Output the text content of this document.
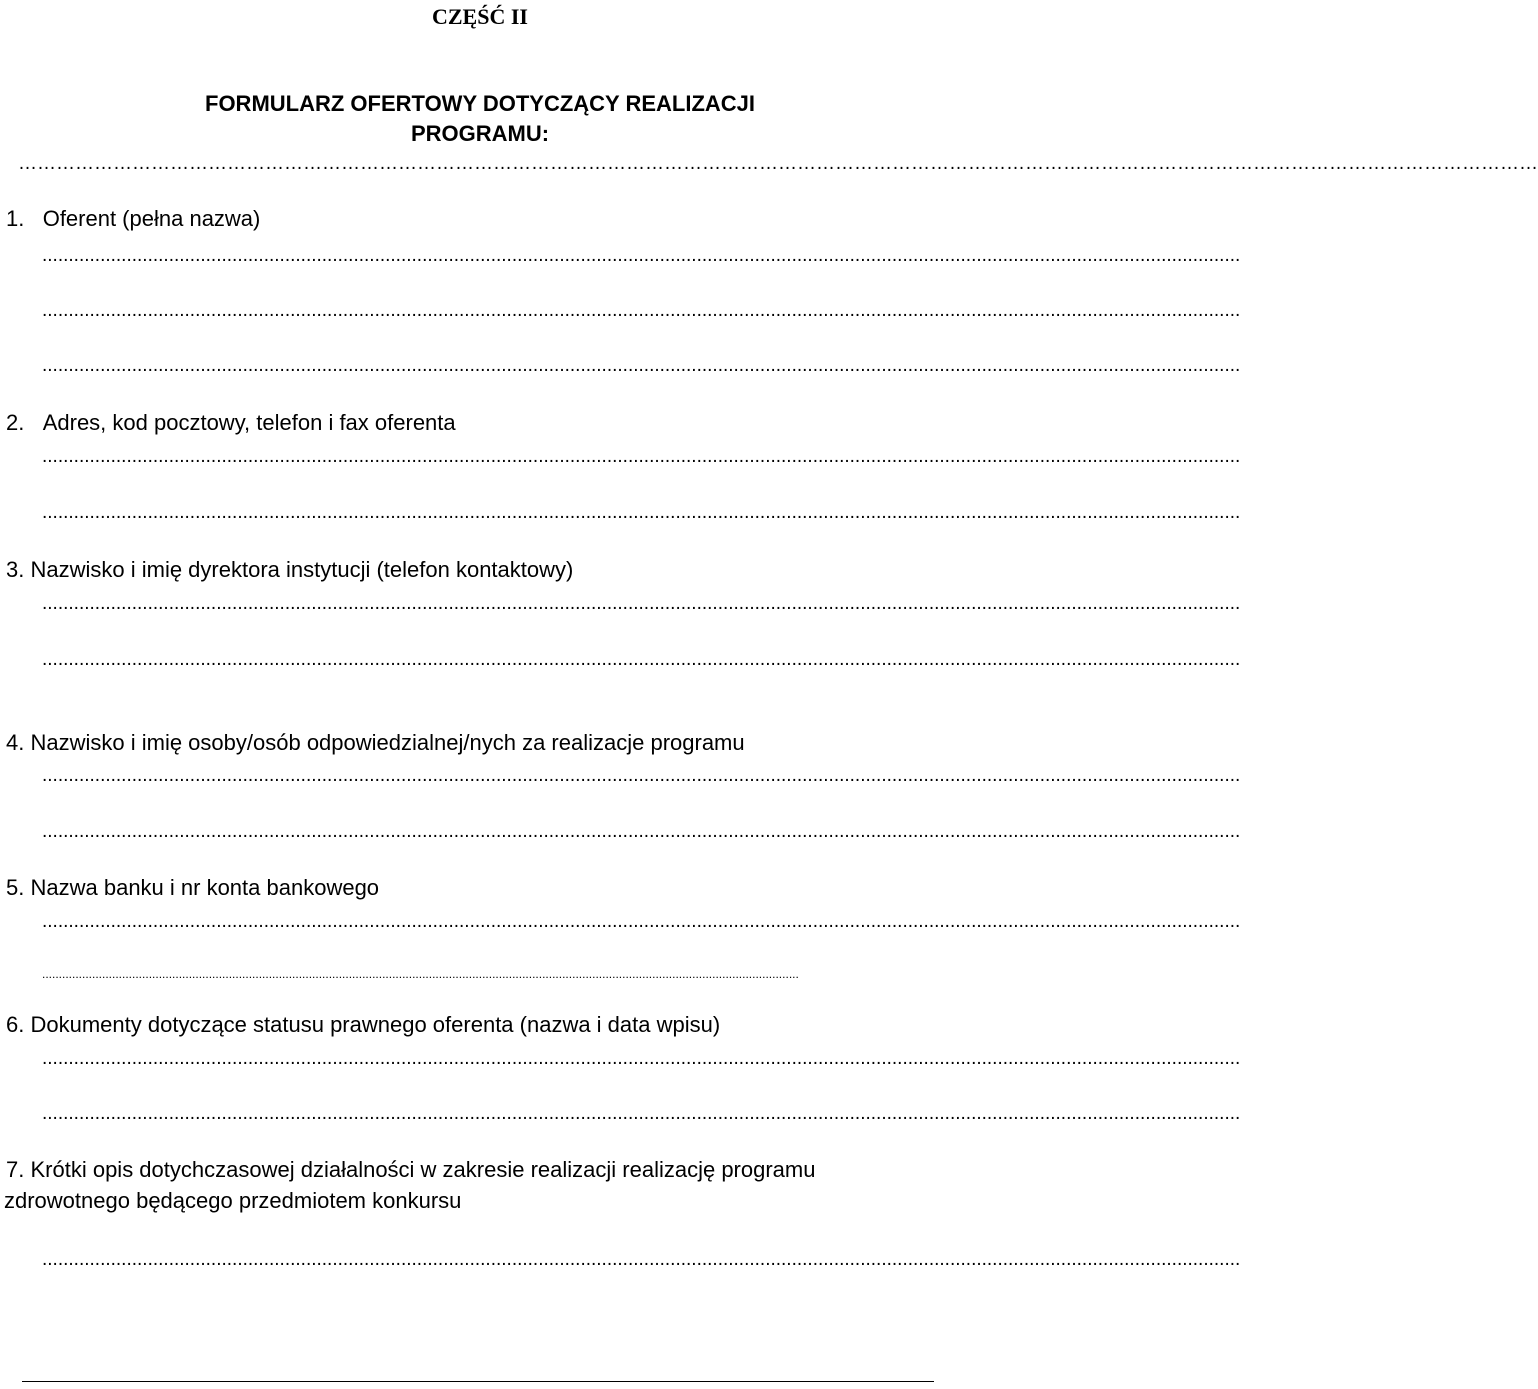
CZĘŚĆ II
FORMULARZ OFERTOWY DOTYCZĄCY REALIZACJI
PROGRAMU:
……………………………………………………………………………………………………………………………………………………………………………………………………………………
1. Oferent (pełna nazwa)
...................................................................................................................................................................................................................................
...................................................................................................................................................................................................................................
...................................................................................................................................................................................................................................
2. Adres, kod pocztowy, telefon i fax oferenta
...................................................................................................................................................................................................................................
...................................................................................................................................................................................................................................
3. Nazwisko i imię dyrektora instytucji (telefon kontaktowy)
...................................................................................................................................................................................................................................
...................................................................................................................................................................................................................................
4. Nazwisko i imię osoby/osób odpowiedzialnej/nych za realizacje programu
...................................................................................................................................................................................................................................
...................................................................................................................................................................................................................................
5. Nazwa banku i nr konta bankowego
...................................................................................................................................................................................................................................
...................................................................................................................................................................................................................................
6. Dokumenty dotyczące statusu prawnego oferenta (nazwa i data wpisu)
...................................................................................................................................................................................................................................
...................................................................................................................................................................................................................................
7. Krótki opis dotychczasowej działalności w zakresie realizacji realizację programu
zdrowotnego będącego przedmiotem konkursu
...................................................................................................................................................................................................................................
